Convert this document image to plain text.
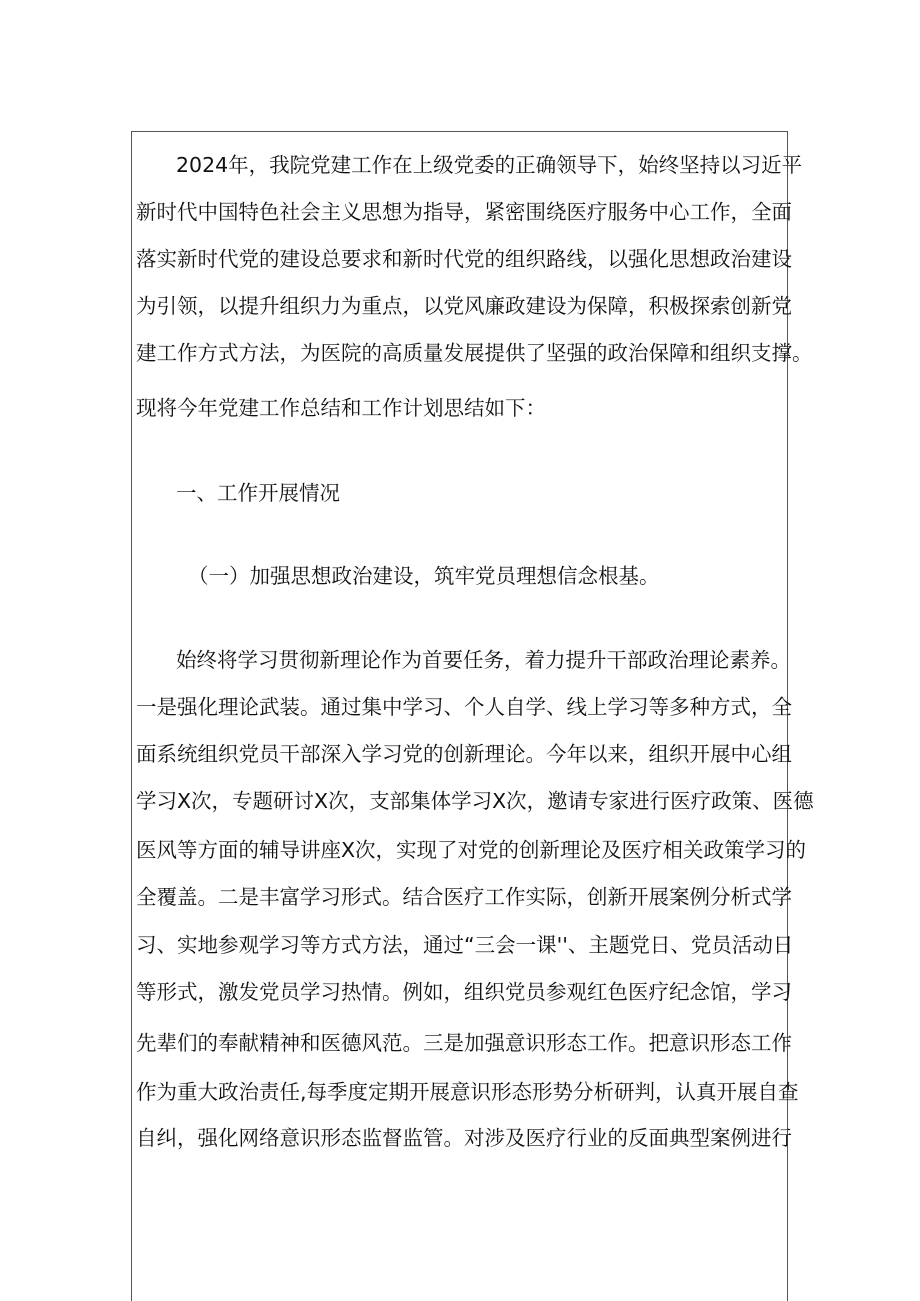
2024年，我院党建工作在上级党委的正确领导下，始终坚持以习近平
新时代中国特色社会主义思想为指导，紧密围绕医疗服务中心工作，全面
落实新时代党的建设总要求和新时代党的组织路线，以强化思想政治建设
为引领，以提升组织力为重点，以党风廉政建设为保障，积极探索创新党
建工作方式方法，为医院的高质量发展提供了坚强的政治保障和组织支撑。
现将今年党建工作总结和工作计划思结如下：
一、工作开展情况
（一）加强思想政治建设，筑牢党员理想信念根基。
始终将学习贯彻新理论作为首要任务，着力提升干部政治理论素养。
一是强化理论武装。通过集中学习、个人自学、线上学习等多种方式，全
面系统组织党员干部深入学习党的创新理论。今年以来，组织开展中心组
学习X次，专题研讨X次，支部集体学习X次，邀请专家进行医疗政策、医德
医风等方面的辅导讲座X次，实现了对党的创新理论及医疗相关政策学习的
全覆盖。二是丰富学习形式。结合医疗工作实际，创新开展案例分析式学
习、实地参观学习等方式方法，通过“三会一课''、主题党日、党员活动日
等形式，激发党员学习热情。例如，组织党员参观红色医疗纪念馆，学习
先辈们的奉献精神和医德风范。三是加强意识形态工作。把意识形态工作
作为重大政治责任,每季度定期开展意识形态形势分析研判，认真开展自查
自纠，强化网络意识形态监督监管。对涉及医疗行业的反面典型案例进行
